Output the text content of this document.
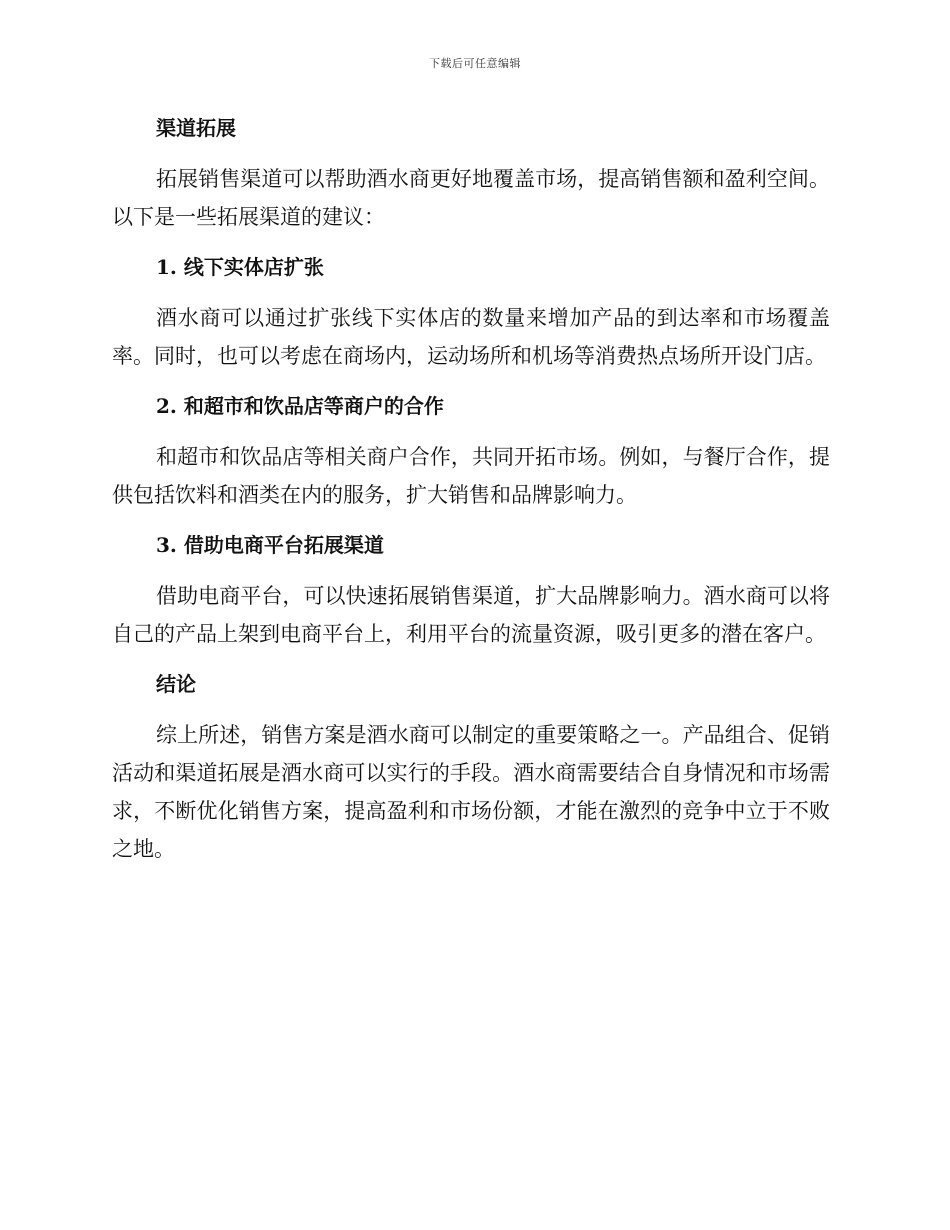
下载后可任意编辑
渠道拓展

拓展销售渠道可以帮助酒水商更好地覆盖市场，提高销售额和盈利空间。以下是一些拓展渠道的建议：

1. 线下实体店扩张

酒水商可以通过扩张线下实体店的数量来增加产品的到达率和市场覆盖率。同时，也可以考虑在商场内，运动场所和机场等消费热点场所开设门店。

2. 和超市和饮品店等商户的合作

和超市和饮品店等相关商户合作，共同开拓市场。例如，与餐厅合作，提供包括饮料和酒类在内的服务，扩大销售和品牌影响力。

3. 借助电商平台拓展渠道

借助电商平台，可以快速拓展销售渠道，扩大品牌影响力。酒水商可以将自己的产品上架到电商平台上，利用平台的流量资源，吸引更多的潜在客户。

结论

综上所述，销售方案是酒水商可以制定的重要策略之一。产品组合、促销活动和渠道拓展是酒水商可以实行的手段。酒水商需要结合自身情况和市场需求，不断优化销售方案，提高盈利和市场份额，才能在激烈的竞争中立于不败之地。
